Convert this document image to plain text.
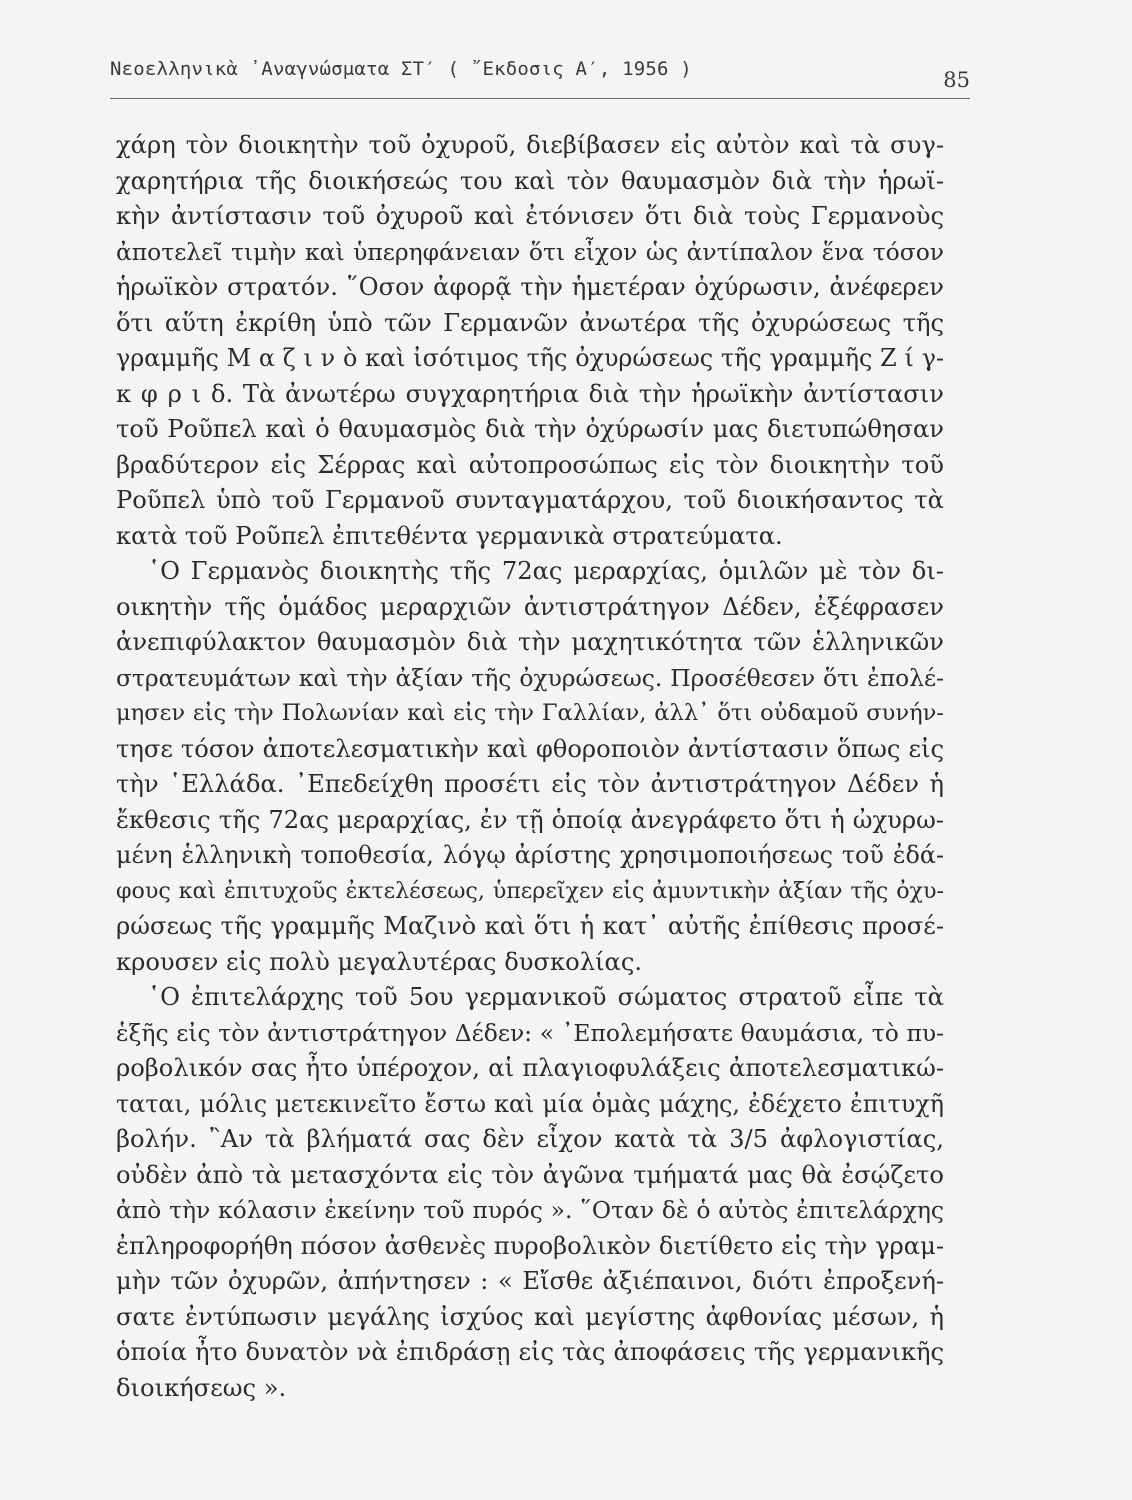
Νεοελληνικὰ ᾿Αναγνώσματα ΣΤ′ ( ῎Εκδοσις Α′, 1956 )	85
χάρη τὸν διοικητὴν τοῦ ὀχυροῦ, διεβίβασεν εἰς αὐτὸν καὶ τὰ συγ-
χαρητήρια τῆς διοικήσεώς του καὶ τὸν θαυμασμὸν διὰ τὴν ἡρωϊ-
κὴν ἀντίστασιν τοῦ ὀχυροῦ καὶ ἐτόνισεν ὅτι διὰ τοὺς Γερμανοὺς
ἀποτελεῖ τιμὴν καὶ ὑπερηφάνειαν ὅτι εἶχον ὡς ἀντίπαλον ἕνα τόσον
ἡρωϊκὸν στρατόν. ῞Οσον ἀφορᾷ τὴν ἡμετέραν ὀχύρωσιν, ἀνέφερεν
ὅτι αὕτη ἐκρίθη ὑπὸ τῶν Γερμανῶν ἀνωτέρα τῆς ὀχυρώσεως τῆς
γραμμῆς Μ α ζ ι ν ὸ καὶ ἰσότιμος τῆς ὀχυρώσεως τῆς γραμμῆς Ζ ί γ-
κ φ ρ ι δ. Τὰ ἀνωτέρω συγχαρητήρια διὰ τὴν ἡρωϊκὴν ἀντίστασιν
τοῦ Ροῦπελ καὶ ὁ θαυμασμὸς διὰ τὴν ὀχύρωσίν μας διετυπώθησαν
βραδύτερον εἰς Σέρρας καὶ αὐτοπροσώπως εἰς τὸν διοικητὴν τοῦ
Ροῦπελ ὑπὸ τοῦ Γερμανοῦ συνταγματάρχου, τοῦ διοικήσαντος τὰ
κατὰ τοῦ Ροῦπελ ἐπιτεθέντα γερμανικὰ στρατεύματα.
῾Ο Γερμανὸς διοικητὴς τῆς 72ας μεραρχίας, ὁμιλῶν μὲ τὸν δι-
οικητὴν τῆς ὁμάδος μεραρχιῶν ἀντιστράτηγον Δέδεν, ἐξέφρασεν
ἀνεπιφύλακτον θαυμασμὸν διὰ τὴν μαχητικότητα τῶν ἑλληνικῶν
στρατευμάτων καὶ τὴν ἀξίαν τῆς ὀχυρώσεως. Προσέθεσεν ὅτι ἐπολέ-
μησεν εἰς τὴν Πολωνίαν καὶ εἰς τὴν Γαλλίαν, ἀλλ᾿ ὅτι οὐδαμοῦ συνήν-
τησε τόσον ἀποτελεσματικὴν καὶ φθοροποιὸν ἀντίστασιν ὅπως εἰς
τὴν ῾Ελλάδα. ᾿Επεδείχθη προσέτι εἰς τὸν ἀντιστράτηγον Δέδεν ἡ
ἔκθεσις τῆς 72ας μεραρχίας, ἐν τῇ ὁποίᾳ ἀνεγράφετο ὅτι ἡ ὠχυρω-
μένη ἑλληνικὴ τοποθεσία, λόγῳ ἀρίστης χρησιμοποιήσεως τοῦ ἐδά-
φους καὶ ἐπιτυχοῦς ἐκτελέσεως, ὑπερεῖχεν εἰς ἀμυντικὴν ἀξίαν τῆς ὀχυ-
ρώσεως τῆς γραμμῆς Μαζινὸ καὶ ὅτι ἡ κατ᾿ αὐτῆς ἐπίθεσις προσέ-
κρουσεν εἰς πολὺ μεγαλυτέρας δυσκολίας.
῾Ο ἐπιτελάρχης τοῦ 5ου γερμανικοῦ σώματος στρατοῦ εἶπε τὰ
ἑξῆς εἰς τὸν ἀντιστράτηγον Δέδεν: « ᾿Επολεμήσατε θαυμάσια, τὸ πυ-
ροβολικόν σας ἦτο ὑπέροχον, αἱ πλαγιοφυλάξεις ἀποτελεσματικώ-
ταται, μόλις μετεκινεῖτο ἔστω καὶ μία ὁμὰς μάχης, ἐδέχετο ἐπιτυχῆ
βολήν. ῍Αν τὰ βλήματά σας δὲν εἶχον κατὰ τὰ 3/5 ἀφλογιστίας,
οὐδὲν ἀπὸ τὰ μετασχόντα εἰς τὸν ἀγῶνα τμήματά μας θὰ ἐσῴζετο
ἀπὸ τὴν κόλασιν ἐκείνην τοῦ πυρός ». ῞Οταν δὲ ὁ αὐτὸς ἐπιτελάρχης
ἐπληροφορήθη πόσον ἀσθενὲς πυροβολικὸν διετίθετο εἰς τὴν γραμ-
μὴν τῶν ὀχυρῶν, ἀπήντησεν : « Εἴσθε ἀξιέπαινοι, διότι ἐπροξενή-
σατε ἐντύπωσιν μεγάλης ἰσχύος καὶ μεγίστης ἀφθονίας μέσων, ἡ
ὁποία ἦτο δυνατὸν νὰ ἐπιδράσῃ εἰς τὰς ἀποφάσεις τῆς γερμανικῆς
διοικήσεως ».
